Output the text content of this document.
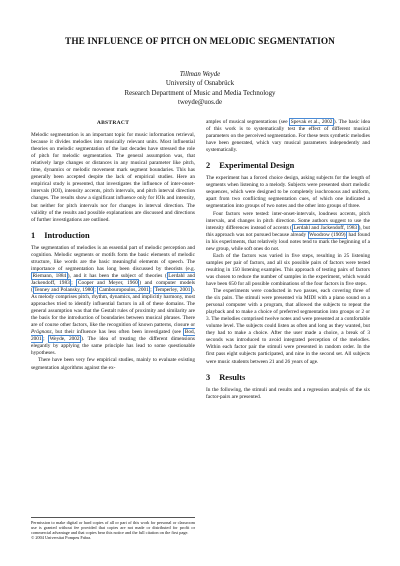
THE INFLUENCE OF PITCH ON MELODIC SEGMENTATION
Tillman Weyde
University of Osnabrück
Research Department of Music and Media Technology
tweyde@uos.de
ABSTRACT

Melodic segmentation is an important topic for music information retrieval, because it divides melodies into musically relevant units. Most influential theories on melodic segmentation of the last decades have stressed the role of pitch for melodic segmentation. The general assumption was, that relatively large changes or distances in any musical parameter like pitch, time, dynamics or melodic movement mark segment boundaries. This has generally been accepted despite the lack of empirical studies. Here an empirical study is presented, that investigates the influence of inter-onset-intervals (IOI), intensity accents, pitch intervals, and pitch interval direction changes. The results show a significant influence only for IOIs and intensity, but neither for pitch intervals nor for changes in interval direction. The validity of the results and possible explanations are discussed and directions of further investigations are outlined.

1 Introduction

The segmentation of melodies is an essential part of melodic perception and cognition. Melodic segments or motifs form the basic elements of melodic structure, like words are the basic meaningful elements of speech. The importance of segmentation has long been discussed by theorists (e.g. Riemann, 1884 ), and it has been the subject of theories ( Lerdahl and Jackendoff, 1983 ; Cooper and Meyer, 1960 ) and computer models ( Tenney and Polansky, 1980 ; Cambouropoulos, 2001 ; Temperley, 2001 ). As melody comprises pitch, rhythm, dynamics, and implicitly harmony, most approaches tried to identify influential factors in all of these domains. The general assumption was that the Gestalt rules of proximity and similarity are the basis for the introduction of boundaries between musical phrases. There are of course other factors, like the recognition of known patterns, closure or Prägnanz, but their influence has less often been investigated (see Bod, 2001 ; Weyde, 2002 ). The idea of treating the different dimensions elegantly by applying the same principle has lead to some questionable hypotheses.

There have been very few empirical studies, mainly to evaluate existing segmentation algorithms against the ex-

Permission to make digital or hard copies of all or part of this work for personal or classroom use is granted without fee provided that copies are not made or distributed for profit or commercial advantage and that copies bear this notice and the full citation on the first page.
© 2004 Universitat Pompeu Fabra.

amples of musical segmentations (see Spevak et al., 2002 ). The basic idea of this work is to systematically test the effect of different musical parameters on the perceived segmentation. For these tests synthetic melodies have been generated, which vary musical parameters independently and systematically.

2 Experimental Design

The experiment has a forced choice design, asking subjects for the length of segments when listening to a melody. Subjects were presented short melodic sequences, which were designed to be completely isochronous and uniform, apart from two conflicting segmentation cues, of which one indicated a segmentation into groups of two notes and the other into groups of three.

Four factors were tested: inter-onset-intervals, loudness accents, pitch intervals, and changes in pitch direction. Some authors suggest to use the intensity differences instead of accents ( Lerdahl and Jackendoff, 1983 ), but this approach was not pursued because already Woodrow (1909) had found in his experiments, that relatively loud notes tend to mark the beginning of a new group, while soft ones do not.

Each of the factors was varied in five steps, resulting in 25 listening samples per pair of factors, and all six possible pairs of factors were tested resulting in 150 listening examples. This approach of testing pairs of factors was chosen to reduce the number of samples in the experiment, which would have been 650 for all possible combinations of the four factors in five steps.

The experiments were conducted in two passes, each covering three of the six pairs. The stimuli were presented via MIDI with a piano sound on a personal computer with a program, that allowed the subjects to repeat the playback and to make a choice of preferred segmentation into groups or 2 or 3. The melodies comprised twelve notes and were presented at a comfortable volume level. The subjects could listen as often and long as they wanted, but they had to make a choice. After the user made a choice, a break of 3 seconds was introduced to avoid integrated perception of the melodies. Within each factor pair the stimuli were presented in random order. In the first pass eight subjects participated, and nine in the second set. All subjects were music students between 21 and 26 years of age.

3 Results

In the following, the stimuli and results and a regression analysis of the six factor-pairs are presented.
